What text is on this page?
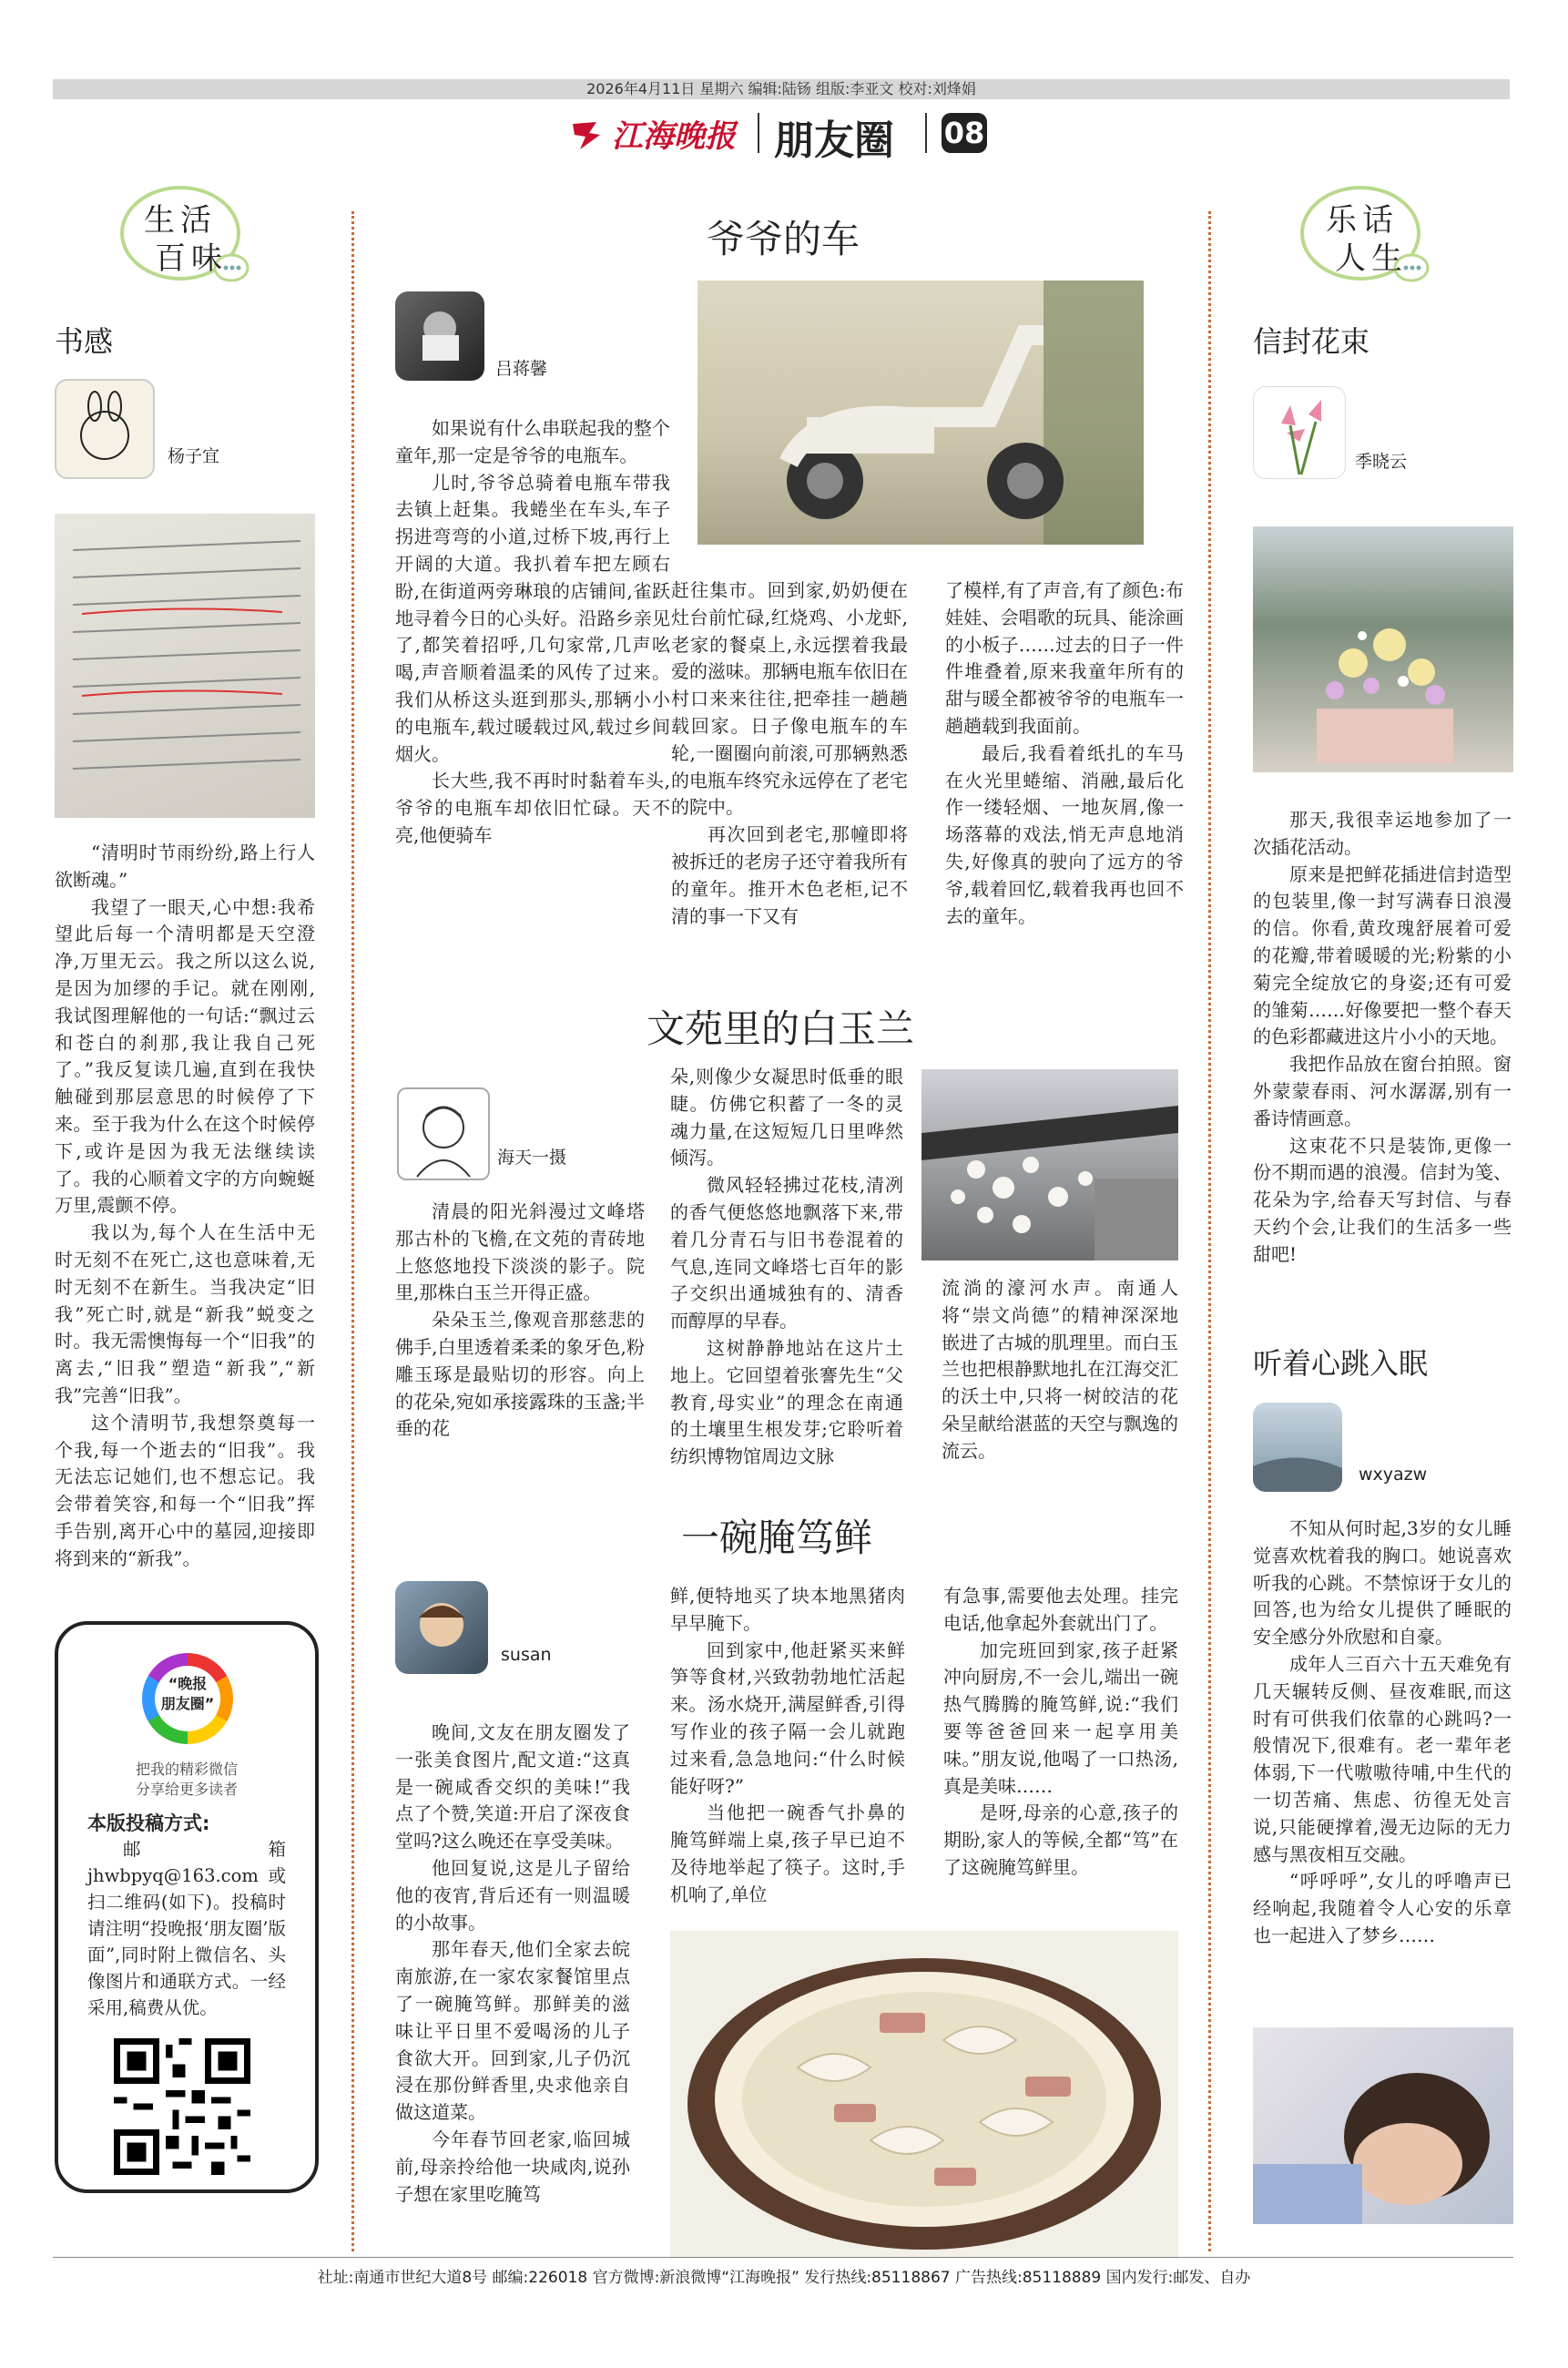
2026年4月11日 星期六 编辑:陆钖 组版:李亚文 校对:刘烽娟
江海晚报 朋友圈 08
生活
百味
书感
杨子宜

“清明时节雨纷纷,路上行人欲断魂。”

我望了一眼天,心中想:我希望此后每一个清明都是天空澄净,万里无云。我之所以这么说,是因为加缪的手记。就在刚刚,我试图理解他的一句话:“飘过云和苍白的刹那,我让我自己死了。”我反复读几遍,直到在我快触碰到那层意思的时候停了下来。至于我为什么在这个时候停下,或许是因为我无法继续读了。我的心顺着文字的方向蜿蜒万里,震颤不停。

我以为,每个人在生活中无时无刻不在死亡,这也意味着,无时无刻不在新生。当我决定“旧我”死亡时,就是“新我”蜕变之时。我无需懊悔每一个“旧我”的离去,“旧我”塑造“新我”,“新我”完善“旧我”。

这个清明节,我想祭奠每一个我,每一个逝去的“旧我”。我无法忘记她们,也不想忘记。我会带着笑容,和每一个“旧我”挥手告别,离开心中的墓园,迎接即将到来的“新我”。

“晚报
朋友圈”
把我的精彩微信
分享给更多读者
本版投稿方式:

邮箱 jhwbpyq@163.com 或扫二维码(如下)。投稿时请注明“投晚报‘朋友圈’版面”,同时附上微信名、头像图片和通联方式。一经采用,稿费从优。

爷爷的车
吕蒋馨

如果说有什么串联起我的整个童年,那一定是爷爷的电瓶车。

儿时,爷爷总骑着电瓶车带我去镇上赶集。我蜷坐在车头,车子拐进弯弯的小道,过桥下坡,再行上开阔的大道。我扒着车把左顾右盼,在街道两旁琳琅的店铺间,雀跃地寻着今日的心头好。沿路乡亲见了,都笑着招呼,几句家常,几声吆喝,声音顺着温柔的风传了过来。我们从桥这头逛到那头,那辆小小的电瓶车,载过暖载过风,载过乡间烟火。

长大些,我不再时时黏着车头,爷爷的电瓶车却依旧忙碌。天不亮,他便骑车

赶往集市。回到家,奶奶便在灶台前忙碌,红烧鸡、小龙虾,老家的餐桌上,永远摆着我最爱的滋味。那辆电瓶车依旧在村口来来往往,把牵挂一趟趟载回家。日子像电瓶车的车轮,一圈圈向前滚,可那辆熟悉的电瓶车终究永远停在了老宅的院中。

再次回到老宅,那幢即将被拆迁的老房子还守着我所有的童年。推开木色老柜,记不清的事一下又有

了模样,有了声音,有了颜色:布娃娃、会唱歌的玩具、能涂画的小板子……过去的日子一件件堆叠着,原来我童年所有的甜与暖全都被爷爷的电瓶车一趟趟载到我面前。

最后,我看着纸扎的车马在火光里蜷缩、消融,最后化作一缕轻烟、一地灰屑,像一场落幕的戏法,悄无声息地消失,好像真的驶向了远方的爷爷,载着回忆,载着我再也回不去的童年。

文苑里的白玉兰
海天一摄

清晨的阳光斜漫过文峰塔那古朴的飞檐,在文苑的青砖地上悠悠地投下淡淡的影子。院里,那株白玉兰开得正盛。

朵朵玉兰,像观音那慈悲的佛手,白里透着柔柔的象牙色,粉雕玉琢是最贴切的形容。向上的花朵,宛如承接露珠的玉盏;半垂的花

朵,则像少女凝思时低垂的眼睫。仿佛它积蓄了一冬的灵魂力量,在这短短几日里哗然倾泻。

微风轻轻拂过花枝,清冽的香气便悠悠地飘落下来,带着几分青石与旧书卷混着的气息,连同文峰塔七百年的影子交织出通城独有的、清香而醇厚的早春。

这树静静地站在这片土地上。它回望着张謇先生“父教育,母实业”的理念在南通的土壤里生根发芽;它聆听着纺织博物馆周边文脉

流淌的濠河水声。南通人将“崇文尚德”的精神深深地嵌进了古城的肌理里。而白玉兰也把根静默地扎在江海交汇的沃土中,只将一树皎洁的花朵呈献给湛蓝的天空与飘逸的流云。

一碗腌笃鲜
susan

晚间,文友在朋友圈发了一张美食图片,配文道:“这真是一碗咸香交织的美味!”我点了个赞,笑道:开启了深夜食堂吗?这么晚还在享受美味。

他回复说,这是儿子留给他的夜宵,背后还有一则温暖的小故事。

那年春天,他们全家去皖南旅游,在一家农家餐馆里点了一碗腌笃鲜。那鲜美的滋味让平日里不爱喝汤的儿子食欲大开。回到家,儿子仍沉浸在那份鲜香里,央求他亲自做这道菜。

今年春节回老家,临回城前,母亲拎给他一块咸肉,说孙子想在家里吃腌笃

鲜,便特地买了块本地黑猪肉早早腌下。

回到家中,他赶紧买来鲜笋等食材,兴致勃勃地忙活起来。汤水烧开,满屋鲜香,引得写作业的孩子隔一会儿就跑过来看,急急地问:“什么时候能好呀?”

当他把一碗香气扑鼻的腌笃鲜端上桌,孩子早已迫不及待地举起了筷子。这时,手机响了,单位

有急事,需要他去处理。挂完电话,他拿起外套就出门了。

加完班回到家,孩子赶紧冲向厨房,不一会儿,端出一碗热气腾腾的腌笃鲜,说:“我们要等爸爸回来一起享用美味。”朋友说,他喝了一口热汤,真是美味……

是呀,母亲的心意,孩子的期盼,家人的等候,全都“笃”在了这碗腌笃鲜里。

乐话
人生
信封花束
季晓云

那天,我很幸运地参加了一次插花活动。

原来是把鲜花插进信封造型的包装里,像一封写满春日浪漫的信。你看,黄玫瑰舒展着可爱的花瓣,带着暖暖的光;粉紫的小菊完全绽放它的身姿;还有可爱的雏菊……好像要把一整个春天的色彩都藏进这片小小的天地。

我把作品放在窗台拍照。窗外蒙蒙春雨、河水潺潺,别有一番诗情画意。

这束花不只是装饰,更像一份不期而遇的浪漫。信封为笺、花朵为字,给春天写封信、与春天约个会,让我们的生活多一些甜吧!

听着心跳入眠
wxyazw

不知从何时起,3岁的女儿睡觉喜欢枕着我的胸口。她说喜欢听我的心跳。不禁惊讶于女儿的回答,也为给女儿提供了睡眠的安全感分外欣慰和自豪。

成年人三百六十五天难免有几天辗转反侧、昼夜难眠,而这时有可供我们依靠的心跳吗?一般情况下,很难有。老一辈年老体弱,下一代嗷嗷待哺,中生代的一切苦痛、焦虑、彷徨无处言说,只能硬撑着,漫无边际的无力感与黑夜相互交融。

“呼呼呼”,女儿的呼噜声已经响起,我随着令人心安的乐章也一起进入了梦乡……

社址:南通市世纪大道8号 邮编:226018 官方微博:新浪微博“江海晚报” 发行热线:85118867 广告热线:85118889 国内发行:邮发、自办
